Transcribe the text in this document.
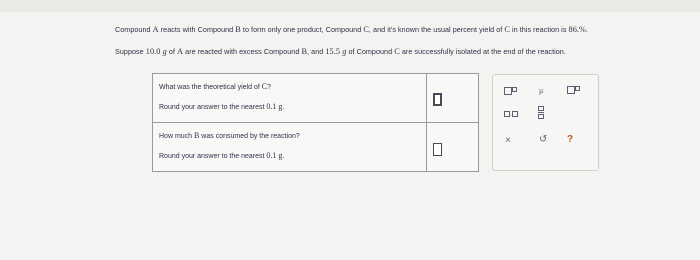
Compound A reacts with Compound B to form only one product, Compound C, and it's known the usual percent yield of C in this reaction is 86.%.

Suppose 10.0 g of A are reacted with excess Compound B, and 15.5 g of Compound C are successfully isolated at the end of the reaction.

What was the theoretical yield of C?
Round your answer to the nearest 0.1 g.
How much B was consumed by the reaction?
Round your answer to the nearest 0.1 g.
μ
·
×	↺ ?
